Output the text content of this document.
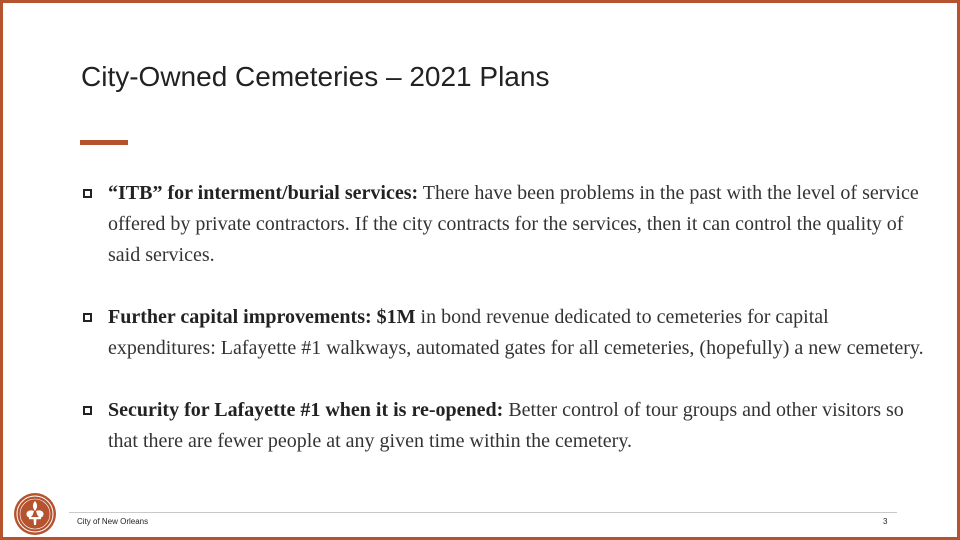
City-Owned Cemeteries – 2021 Plans
“ITB” for interment/burial services: There have been problems in the past with the level of service offered by private contractors. If the city contracts for the services, then it can control the quality of said services.
Further capital improvements: $1M in bond revenue dedicated to cemeteries for capital expenditures: Lafayette #1 walkways, automated gates for all cemeteries, (hopefully) a new cemetery.
Security for Lafayette #1 when it is re-opened: Better control of tour groups and other visitors so that there are fewer people at any given time within the cemetery.
City of New Orleans	3
